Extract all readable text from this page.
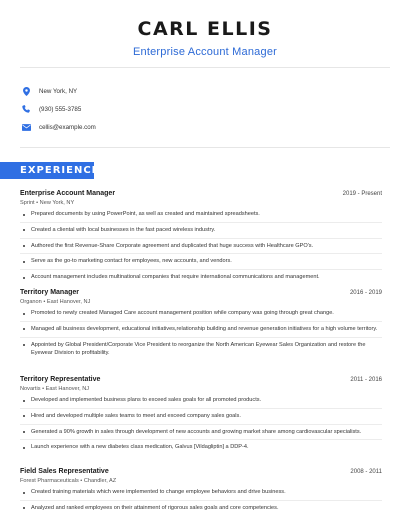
CARL ELLIS
Enterprise Account Manager
New York, NY
(930) 555-3785
cellis@example.com
EXPERIENCE
Enterprise Account Manager	2019 - Present
Sprint • New York, NY
Prepared documents by using PowerPoint, as well as created and maintained spreadsheets.
Created a cliental with local businesses in the fast paced wireless industry.
Authored the first Revenue-Share Corporate agreement and duplicated that huge success with Healthcare GPO's.
Serve as the go-to marketing contact for employees, new accounts, and vendors.
Account management includes multinational companies that require international communications and management.
Territory Manager	2016 - 2019
Organon • East Hanover, NJ
Promoted to newly created Managed Care account management position while company was going through great change.
Managed all business development, educational initiatives,relationship building and revenue generation initiatives for a high volume territory.
Appointed by Global President/Corporate Vice President to reorganize the North American Eyewear Sales Organization and restore the Eyewear Division to profitability.
Territory Representative	2011 - 2016
Novartis • East Hanover, NJ
Developed and implemented business plans to exceed sales goals for all promoted products.
Hired and developed multiple sales teams to meet and exceed company sales goals.
Generated a 90% growth in sales through development of new accounts and growing market share among cardiovascular specialists.
Launch experience with a new diabetes class medication, Galvus [Vildagliptin] a DDP-4.
Field Sales Representative	2008 - 2011
Forest Pharmaceuticals • Chandler, AZ
Created training materials which were implemented to change employee behaviors and drive business.
Analyzed and ranked employees on their attainment of rigorous sales goals and core competencies.
